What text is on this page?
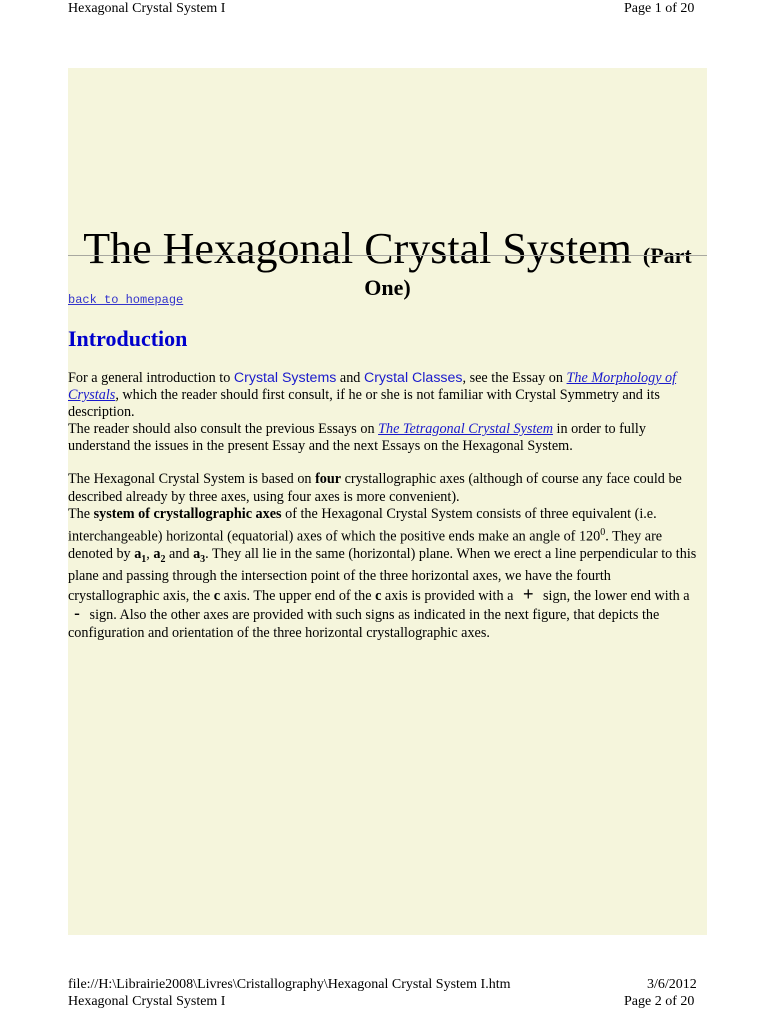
Hexagonal Crystal System I	Page 1 of 20
The Hexagonal Crystal System (Part
One)
back to homepage
Introduction

For a general introduction to Crystal Systems and Crystal Classes, see the Essay on The Morphology of Crystals, which the reader should first consult, if he or she is not familiar with Crystal Symmetry and its description.
The reader should also consult the previous Essays on The Tetragonal Crystal System in order to fully understand the issues in the present Essay and the next Essays on the Hexagonal System.

The Hexagonal Crystal System is based on four crystallographic axes (although of course any face could be described already by three axes, using four axes is more convenient).
The system of crystallographic axes of the Hexagonal Crystal System consists of three equivalent (i.e. interchangeable) horizontal (equatorial) axes of which the positive ends make an angle of $120^0$. They are denoted by $a_1$, $a_2$ and $a_3$. They all lie in the same (horizontal) plane. When we erect a line perpendicular to this plane and passing through the intersection point of the three horizontal axes, we have the fourth crystallographic axis, the c axis. The upper end of the c axis is provided with a + sign, the lower end with a - sign. Also the other axes are provided with such signs as indicated in the next figure, that depicts the configuration and orientation of the three horizontal crystallographic axes.

file://H:\Librairie2008\Livres\Cristallography\Hexagonal Crystal System I.htm	3/6/2012
Hexagonal Crystal System I	Page 2 of 20
